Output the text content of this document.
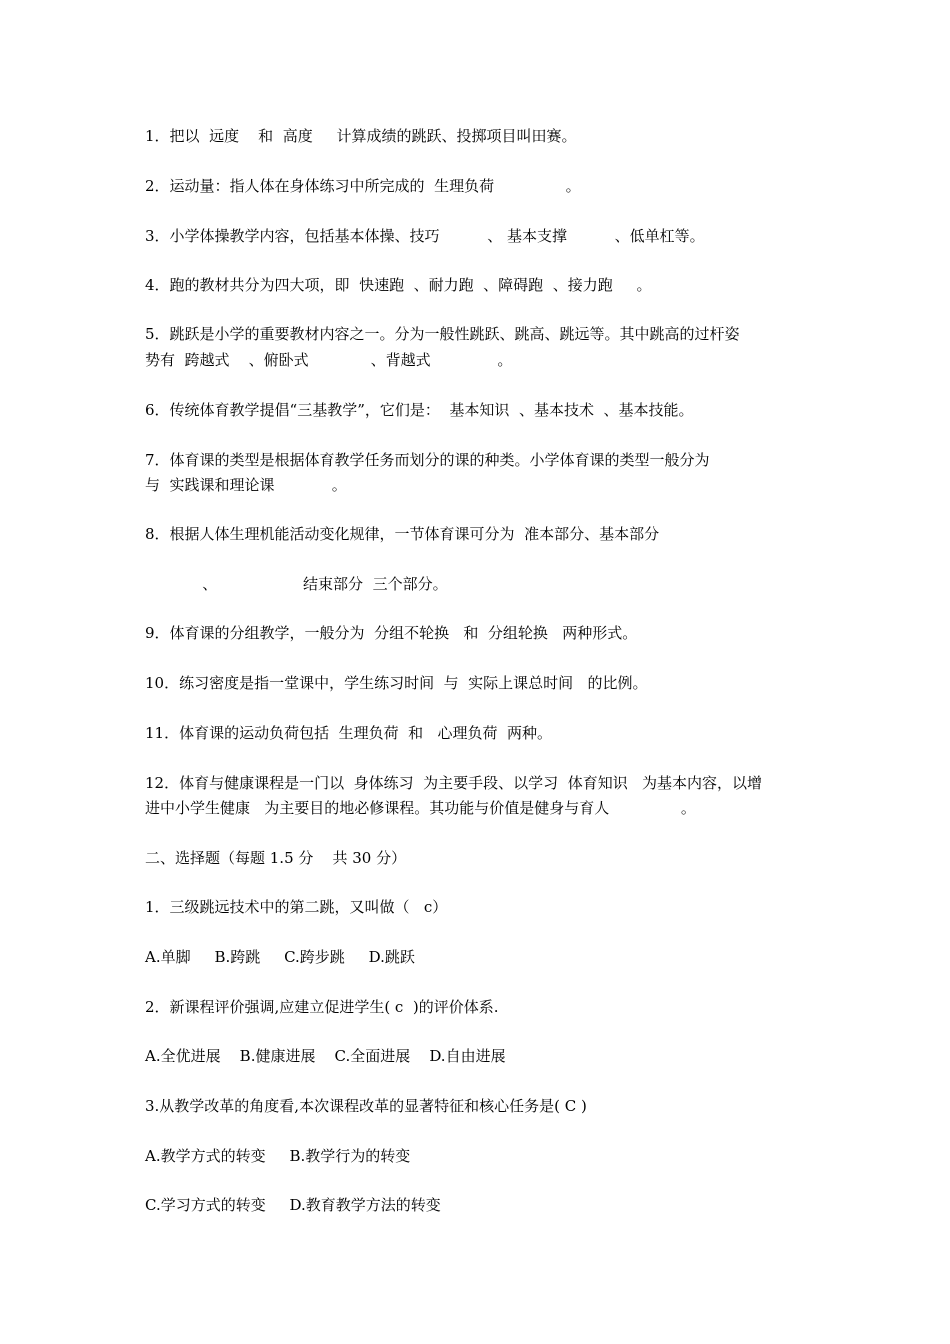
1．把以  远度    和  高度     计算成绩的跳跃、投掷项目叫田赛。
2．运动量：指人体在身体练习中所完成的  生理负荷               。
3．小学体操教学内容，包括基本体操、技巧          、 基本支撑          、低单杠等。
4．跑的教材共分为四大项，即  快速跑  、耐力跑  、障碍跑  、接力跑     。
5．跳跃是小学的重要教材内容之一。分为一般性跳跃、跳高、跳远等。其中跳高的过杆姿
势有  跨越式    、俯卧式             、背越式              。
6．传统体育教学提倡“三基教学”，它们是：  基本知识  、基本技术  、基本技能。
7．体育课的类型是根据体育教学任务而划分的课的种类。小学体育课的类型一般分为
与  实践课和理论课            。
8．根据人体生理机能活动变化规律，一节体育课可分为  准本部分、基本部分
、                  结束部分  三个部分。
9．体育课的分组教学，一般分为  分组不轮换   和  分组轮换   两种形式。
10．练习密度是指一堂课中，学生练习时间  与  实际上课总时间   的比例。
11．体育课的运动负荷包括  生理负荷  和   心理负荷  两种。
12．体育与健康课程是一门以  身体练习  为主要手段、以学习  体育知识   为基本内容，以增
进中小学生健康   为主要目的地必修课程。其功能与价值是健身与育人               。
二、选择题（每题 1.5 分    共 30 分）
1．三级跳远技术中的第二跳，又叫做（   c）
A.单脚     B.跨跳     C.跨步跳     D.跳跃
2．新课程评价强调,应建立促进学生( c  )的评价体系.
A.全优进展    B.健康进展    C.全面进展    D.自由进展
3.从教学改革的角度看,本次课程改革的显著特征和核心任务是( C )
A.教学方式的转变     B.教学行为的转变
C.学习方式的转变     D.教育教学方法的转变
